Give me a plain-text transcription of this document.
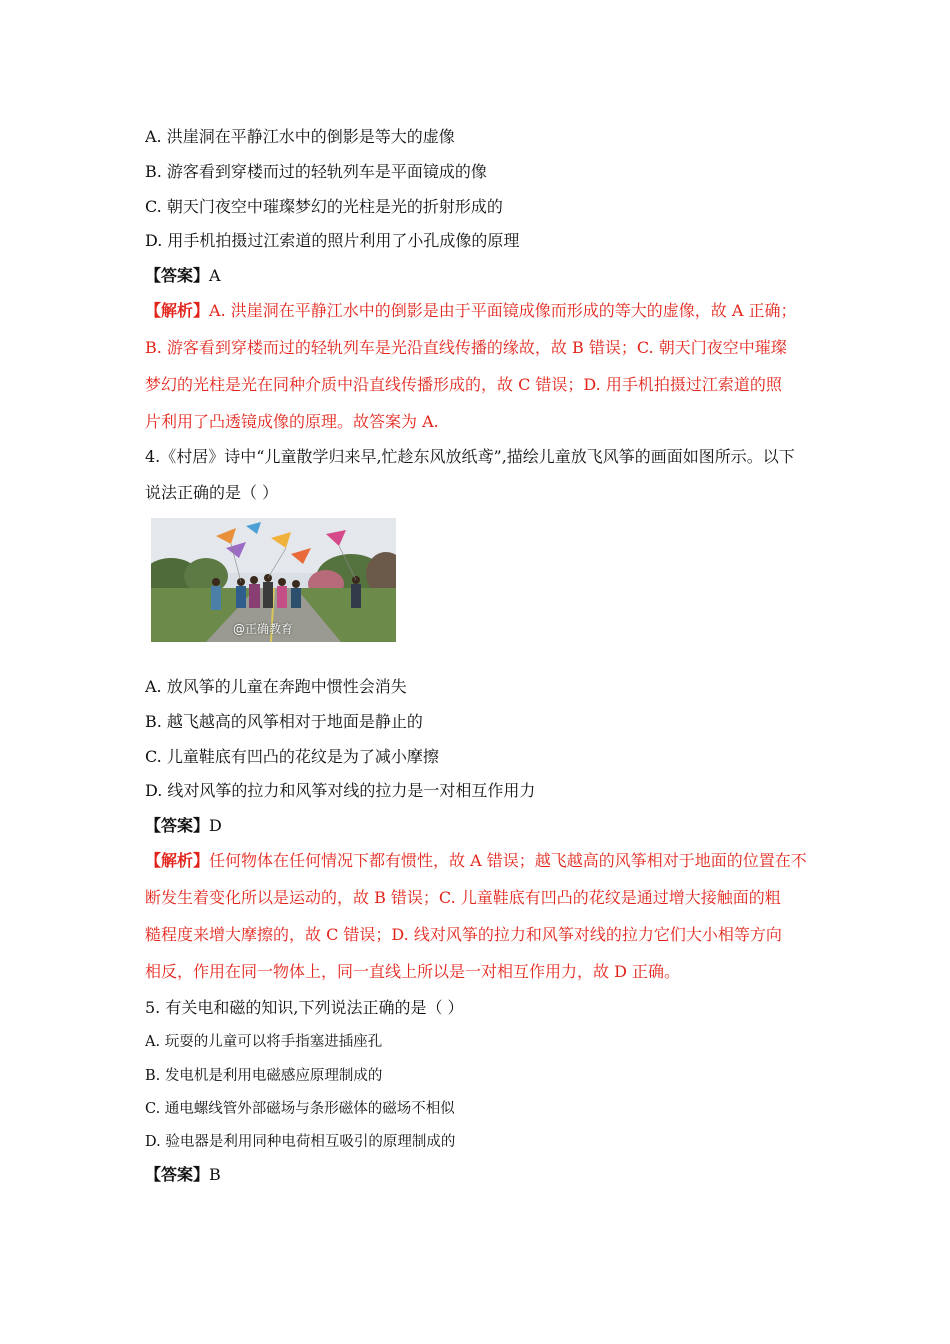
A. 洪崖洞在平静江水中的倒影是等大的虚像
B. 游客看到穿楼而过的轻轨列车是平面镜成的像
C. 朝天门夜空中璀璨梦幻的光柱是光的折射形成的
D. 用手机拍摄过江索道的照片利用了小孔成像的原理
【答案】A
【解析】A. 洪崖洞在平静江水中的倒影是由于平面镜成像而形成的等大的虚像，故 A 正确；
B. 游客看到穿楼而过的轻轨列车是光沿直线传播的缘故，故 B 错误；C. 朝天门夜空中璀璨
梦幻的光柱是光在同种介质中沿直线传播形成的，故 C 错误；D. 用手机拍摄过江索道的照
片利用了凸透镜成像的原理。故答案为 A.
4.《村居》诗中“儿童散学归来早,忙趁东风放纸鸢”,描绘儿童放飞风筝的画面如图所示。以下
说法正确的是（ ）
@正确教育
A. 放风筝的儿童在奔跑中惯性会消失
B. 越飞越高的风筝相对于地面是静止的
C. 儿童鞋底有凹凸的花纹是为了减小摩擦
D. 线对风筝的拉力和风筝对线的拉力是一对相互作用力
【答案】D
【解析】任何物体在任何情况下都有惯性，故 A 错误；越飞越高的风筝相对于地面的位置在不
断发生着变化所以是运动的，故 B 错误；C. 儿童鞋底有凹凸的花纹是通过增大接触面的粗
糙程度来增大摩擦的，故 C 错误；D. 线对风筝的拉力和风筝对线的拉力它们大小相等方向
相反，作用在同一物体上，同一直线上所以是一对相互作用力，故 D 正确。
5. 有关电和磁的知识,下列说法正确的是（ ）
A. 玩耍的儿童可以将手指塞进插座孔
B. 发电机是利用电磁感应原理制成的
C. 通电螺线管外部磁场与条形磁体的磁场不相似
D. 验电器是利用同种电荷相互吸引的原理制成的
【答案】B
